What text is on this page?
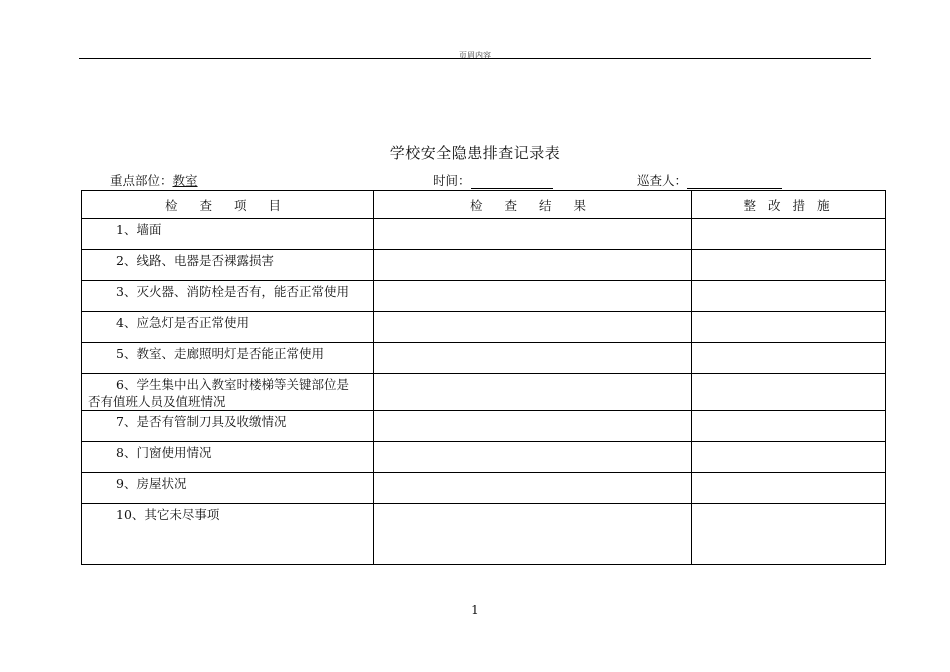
页眉内容
学校安全隐患排查记录表
重点部位：教室	时间：	巡查人：
检 查 项 目	检 查 结 果	整 改 措 施
1、墙面		
2、线路、电器是否裸露损害		
3、灭火器、消防栓是否有，能否正常使用		
4、应急灯是否正常使用		
5、教室、走廊照明灯是否能正常使用		
6、学生集中出入教室时楼梯等关键部位是
否有值班人员及值班情况		
7、是否有管制刀具及收缴情况		
8、门窗使用情况		
9、房屋状况		
10、其它未尽事项		
1
